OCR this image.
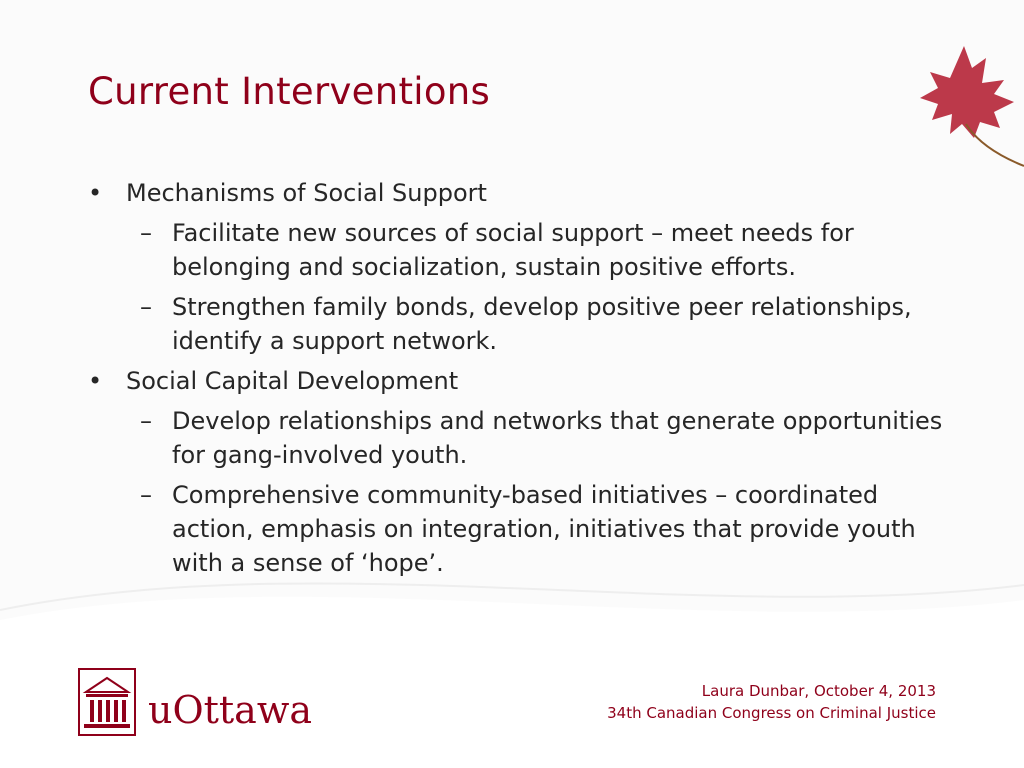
Current Interventions
• Mechanisms of Social Support
– Facilitate new sources of social support – meet needs for belonging and socialization, sustain positive efforts.
– Strengthen family bonds, develop positive peer relationships, identify a support network.
• Social Capital Development
– Develop relationships and networks that generate opportunities for gang-involved youth.
– Comprehensive community-based initiatives – coordinated action, emphasis on integration, initiatives that provide youth with a sense of ‘hope’.
uOttawa	Laura Dunbar, October 4, 2013
34th Canadian Congress on Criminal Justice
